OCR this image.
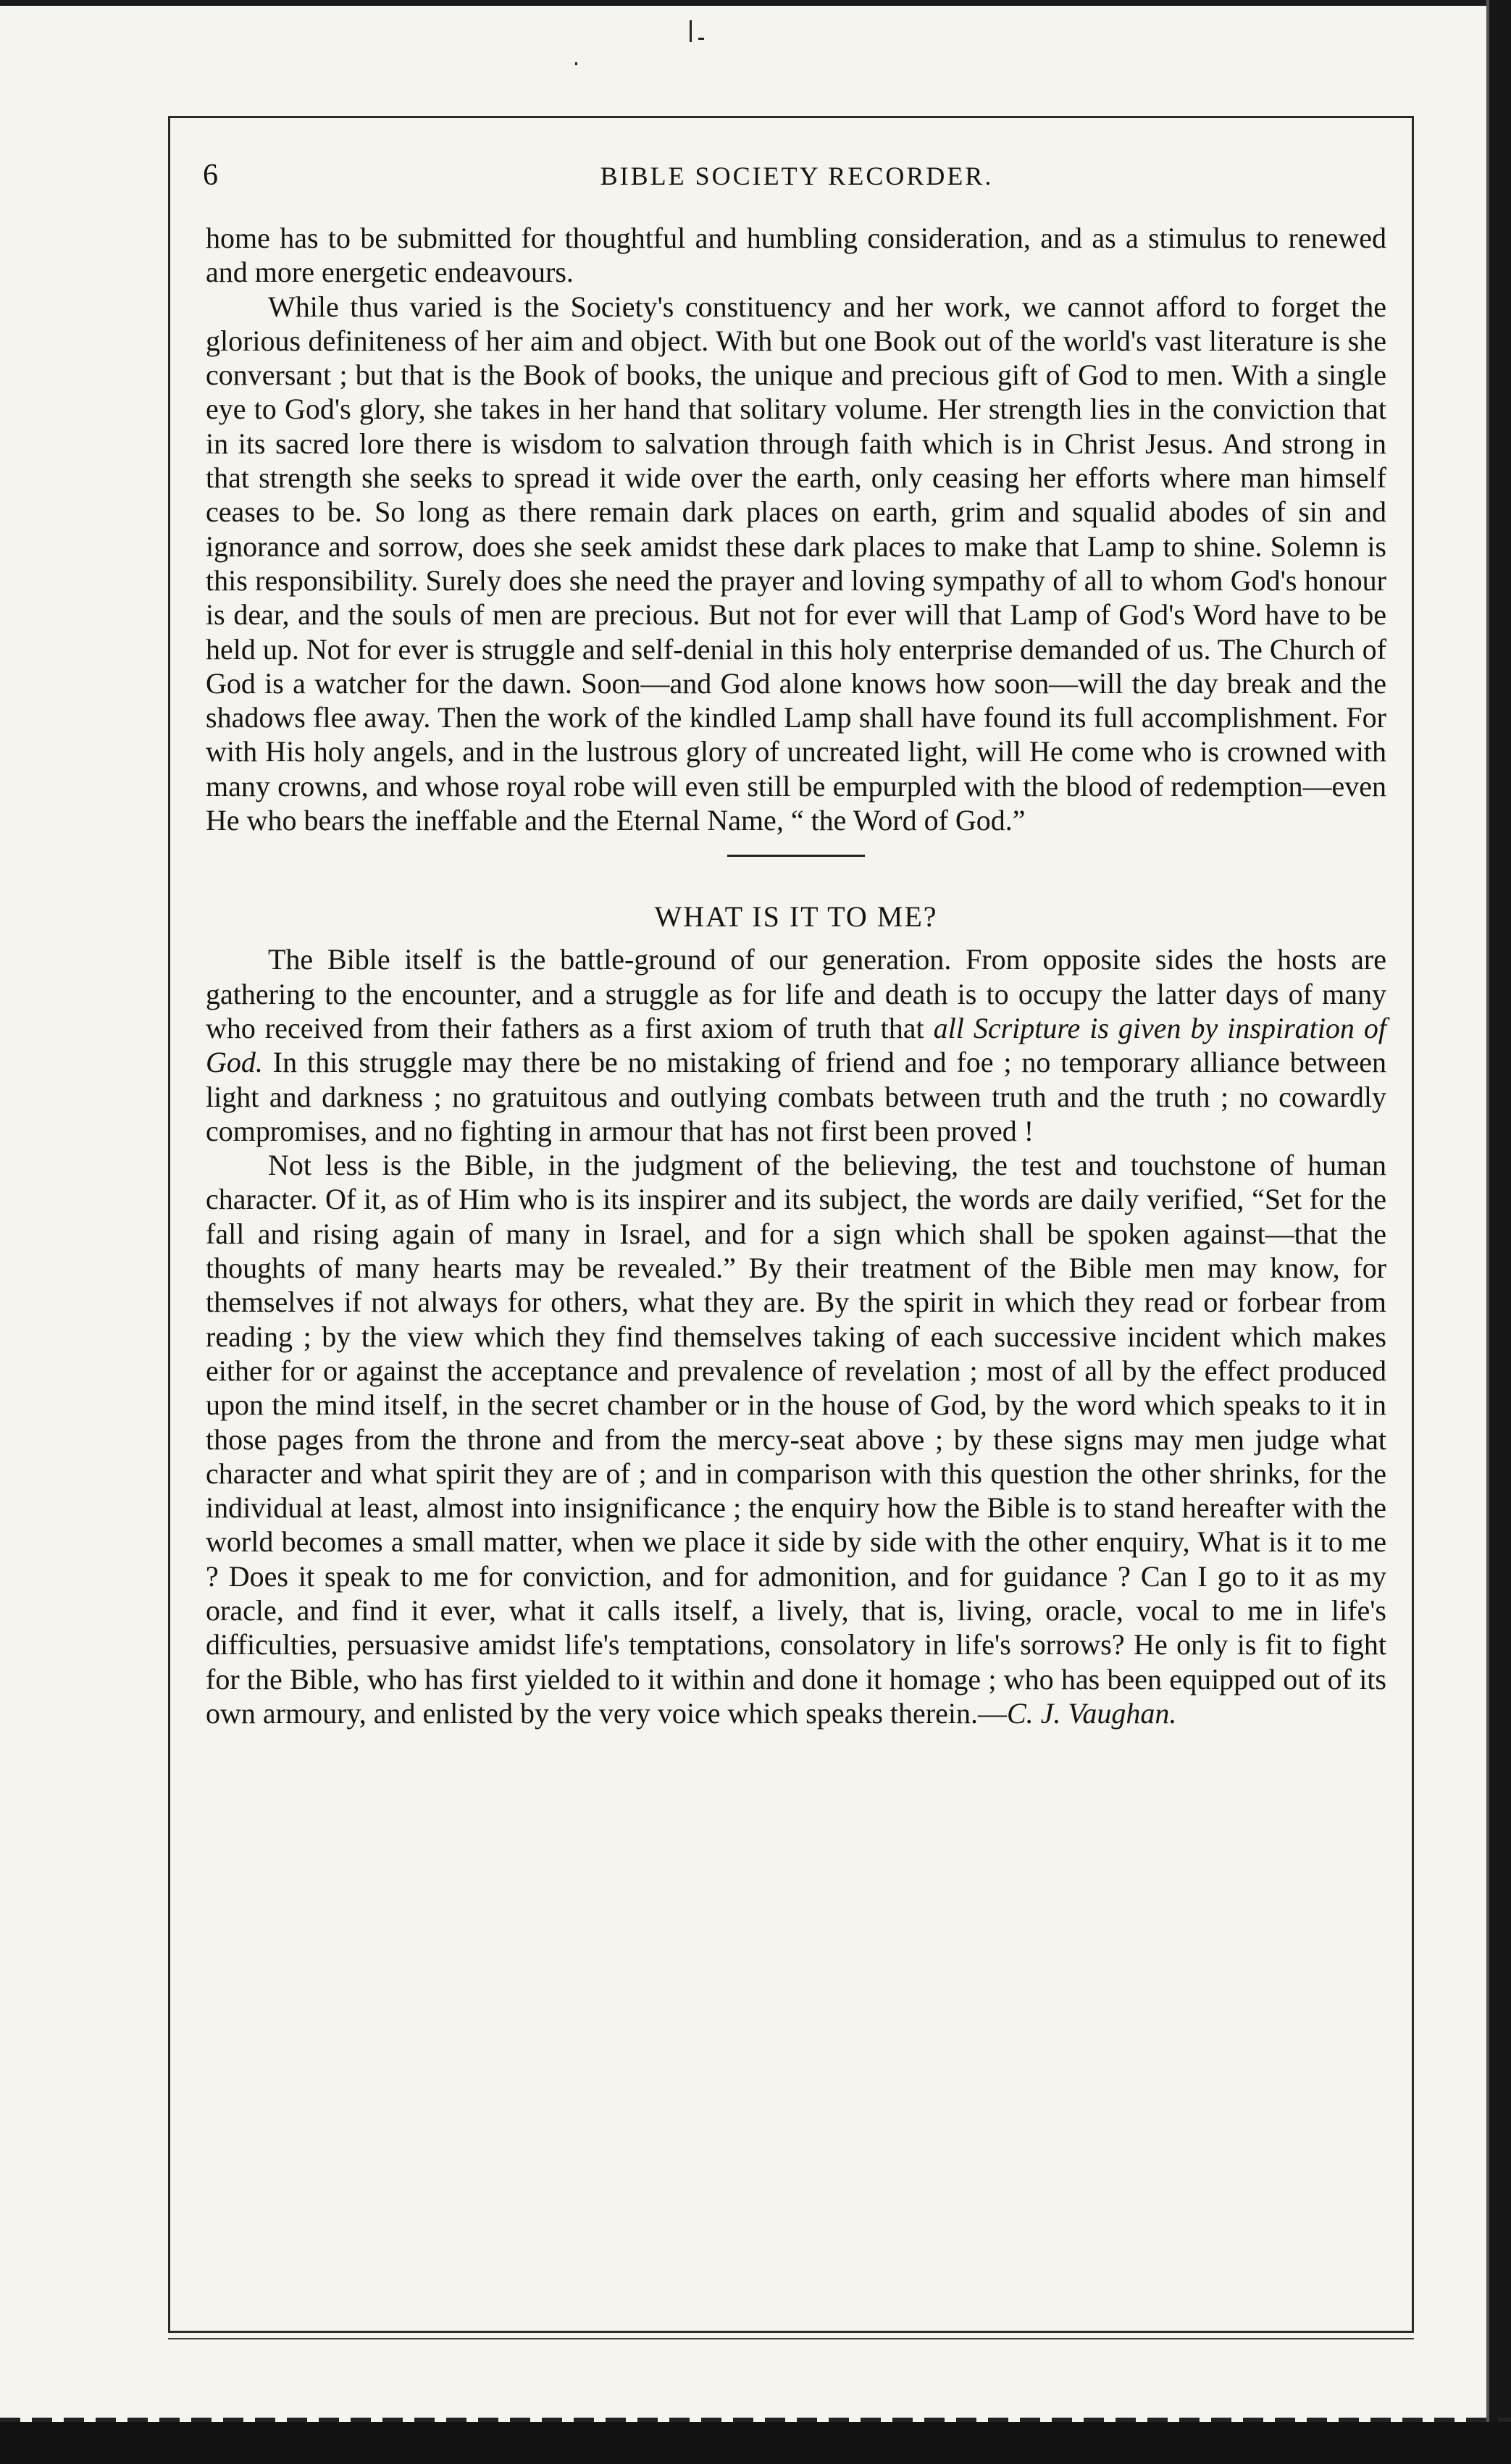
6	BIBLE SOCIETY RECORDER.

home has to be submitted for thoughtful and humbling consideration, and as a stimulus to renewed and more energetic endeavours.

While thus varied is the Society's constituency and her work, we cannot afford to forget the glorious definiteness of her aim and object. With but one Book out of the world's vast literature is she conversant ; but that is the Book of books, the unique and precious gift of God to men. With a single eye to God's glory, she takes in her hand that solitary volume. Her strength lies in the conviction that in its sacred lore there is wisdom to salvation through faith which is in Christ Jesus. And strong in that strength she seeks to spread it wide over the earth, only ceasing her efforts where man himself ceases to be. So long as there remain dark places on earth, grim and squalid abodes of sin and ignorance and sorrow, does she seek amidst these dark places to make that Lamp to shine. Solemn is this responsibility. Surely does she need the prayer and loving sympathy of all to whom God's honour is dear, and the souls of men are precious. But not for ever will that Lamp of God's Word have to be held up. Not for ever is struggle and self-denial in this holy enterprise demanded of us. The Church of God is a watcher for the dawn. Soon—and God alone knows how soon—will the day break and the shadows flee away. Then the work of the kindled Lamp shall have found its full accomplishment. For with His holy angels, and in the lustrous glory of uncreated light, will He come who is crowned with many crowns, and whose royal robe will even still be empurpled with the blood of redemption—even He who bears the ineffable and the Eternal Name, “ the Word of God.”

WHAT IS IT TO ME?

The Bible itself is the battle-ground of our generation. From opposite sides the hosts are gathering to the encounter, and a struggle as for life and death is to occupy the latter days of many who received from their fathers as a first axiom of truth that all Scripture is given by inspiration of God. In this struggle may there be no mistaking of friend and foe ; no temporary alliance between light and darkness ; no gratuitous and outlying combats between truth and the truth ; no cowardly compromises, and no fighting in armour that has not first been proved !

Not less is the Bible, in the judgment of the believing, the test and touchstone of human character. Of it, as of Him who is its inspirer and its subject, the words are daily verified, “Set for the fall and rising again of many in Israel, and for a sign which shall be spoken against—that the thoughts of many hearts may be revealed.” By their treatment of the Bible men may know, for themselves if not always for others, what they are. By the spirit in which they read or forbear from reading ; by the view which they find themselves taking of each successive incident which makes either for or against the acceptance and prevalence of revelation ; most of all by the effect produced upon the mind itself, in the secret chamber or in the house of God, by the word which speaks to it in those pages from the throne and from the mercy-seat above ; by these signs may men judge what character and what spirit they are of ; and in comparison with this question the other shrinks, for the individual at least, almost into insignificance ; the enquiry how the Bible is to stand hereafter with the world becomes a small matter, when we place it side by side with the other enquiry, What is it to me ? Does it speak to me for conviction, and for admonition, and for guidance ? Can I go to it as my oracle, and find it ever, what it calls itself, a lively, that is, living, oracle, vocal to me in life's difficulties, persuasive amidst life's temptations, consolatory in life's sorrows? He only is fit to fight for the Bible, who has first yielded to it within and done it homage ; who has been equipped out of its own armoury, and enlisted by the very voice which speaks therein.—C. J. Vaughan.
